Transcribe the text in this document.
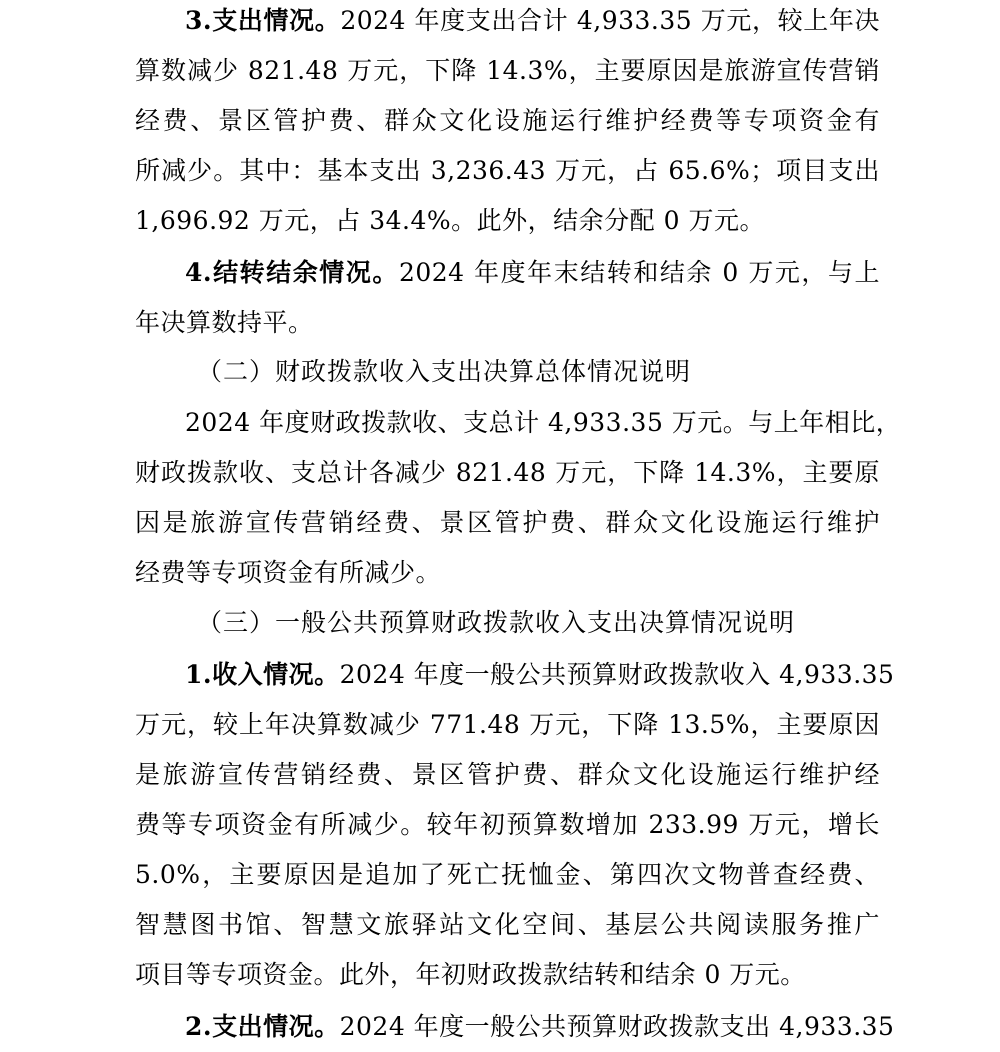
3.支出情况。2024 年度支出合计 4,933.35 万元，较上年决
算数减少 821.48 万元，下降 14.3%，主要原因是旅游宣传营销
经费、景区管护费、群众文化设施运行维护经费等专项资金有
所减少。其中：基本支出 3,236.43 万元，占 65.6%；项目支出
1,696.92 万元，占 34.4%。此外，结余分配 0 万元。
4.结转结余情况。2024 年度年末结转和结余 0 万元，与上
年决算数持平。
（二）财政拨款收入支出决算总体情况说明
2024 年度财政拨款收、支总计 4,933.35 万元。与上年相比，
财政拨款收、支总计各减少 821.48 万元，下降 14.3%，主要原
因是旅游宣传营销经费、景区管护费、群众文化设施运行维护
经费等专项资金有所减少。
（三）一般公共预算财政拨款收入支出决算情况说明
1.收入情况。2024 年度一般公共预算财政拨款收入 4,933.35
万元，较上年决算数减少 771.48 万元，下降 13.5%，主要原因
是旅游宣传营销经费、景区管护费、群众文化设施运行维护经
费等专项资金有所减少。较年初预算数增加 233.99 万元，增长
5.0%，主要原因是追加了死亡抚恤金、第四次文物普查经费、
智慧图书馆、智慧文旅驿站文化空间、基层公共阅读服务推广
项目等专项资金。此外，年初财政拨款结转和结余 0 万元。
2.支出情况。2024 年度一般公共预算财政拨款支出 4,933.35
